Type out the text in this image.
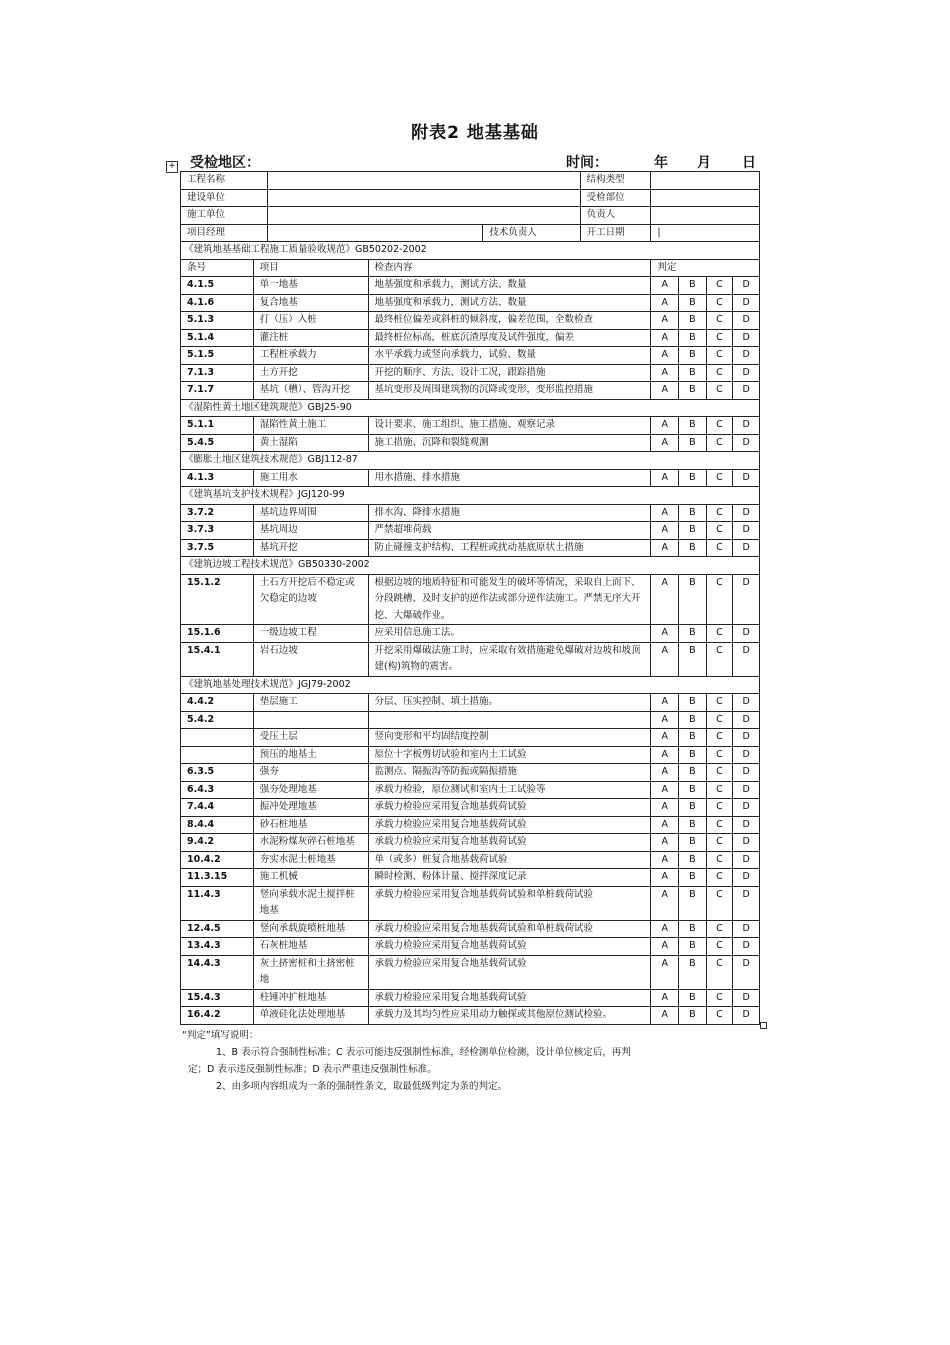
附表2 地基基础
+ 受检地区：	时间：	年 月 日
工程名称					结构类型				
建设单位					受检部位				
施工单位					负责人				
项目经理				技术负责人	开工日期	|			
《建筑地基基础工程施工质量验收规范》GB50202-2002									
条号	项目		检查内容			判定			
4.1.5	单一地基		地基强度和承载力，测试方法、数量			A	B	C	D
4.1.6	复合地基		地基强度和承载力，测试方法、数量			A	B	C	D
5.1.3	打（压）入桩		最终桩位偏差或斜桩的倾斜度，偏差范围，全数检查			A	B	C	D
5.1.4	灌注桩		最终桩位标高，桩底沉渣厚度及试件强度，偏差			A	B	C	D
5.1.5	工程桩承载力		水平承载力或竖向承载力，试验、数量			A	B	C	D
7.1.3	土方开挖		开挖的顺序、方法、设计工况，跟踪措施			A	B	C	D
7.1.7	基坑（槽）、管沟开挖		基坑变形及周围建筑物的沉降或变形，变形监控措施			A	B	C	D
《湿陷性黄土地区建筑规范》GBJ25-90									
5.1.1	湿陷性黄土施工		设计要求、施工组织、施工措施、观察记录			A	B	C	D
5.4.5	黄土湿陷		施工措施、沉降和裂缝观测			A	B	C	D
《膨胀土地区建筑技术规范》GBJ112-87									
4.1.3	施工用水		用水措施、排水措施			A	B	C	D
《建筑基坑支护技术规程》JGJ120-99									
3.7.2	基坑边界周围		排水沟、降排水措施			A	B	C	D
3.7.3	基坑周边		严禁超堆荷载			A	B	C	D
3.7.5	基坑开挖		防止碰撞支护结构、工程桩或扰动基底原状土措施			A	B	C	D
《建筑边坡工程技术规范》GB50330-2002									
15.1.2	土石方开挖后不稳定或欠稳定的边坡		根据边坡的地质特征和可能发生的破坏等情况，采取自上而下、分段跳槽、及时支护的逆作法或部分逆作法施工。严禁无序大开挖、大爆破作业。			A	B	C	D
15.1.6	一级边坡工程		应采用信息施工法。			A	B	C	D
15.4.1	岩石边坡		开挖采用爆破法施工时，应采取有效措施避免爆破对边坡和坡顶建(构)筑物的震害。			A	B	C	D
《建筑地基处理技术规范》JGJ79-2002									
4.4.2	垫层施工		分层、压实控制、填土措施。			A	B	C	D
5.4.2						A	B	C	D
	受压土层		竖向变形和平均固结度控制			A	B	C	D
	预压的地基土		原位十字板剪切试验和室内土工试验			A	B	C	D
6.3.5	强夯		监测点、隔振沟等防振或隔振措施			A	B	C	D
6.4.3	强夯处理地基		承载力检验，原位测试和室内土工试验等			A	B	C	D
7.4.4	振冲处理地基		承载力检验应采用复合地基载荷试验			A	B	C	D
8.4.4	砂石桩地基		承载力检验应采用复合地基载荷试验			A	B	C	D
9.4.2	水泥粉煤灰碎石桩地基		承载力检验应采用复合地基载荷试验			A	B	C	D
10.4.2	夯实水泥土桩地基		单（或多）桩复合地基载荷试验			A	B	C	D
11.3.15	施工机械		瞬时检测、粉体计量、搅拌深度记录			A	B	C	D
11.4.3	竖向承载水泥土搅拌桩地基		承载力检验应采用复合地基载荷试验和单桩载荷试验			A	B	C	D
12.4.5	竖向承载旋喷桩地基		承载力检验应采用复合地基载荷试验和单桩载荷试验			A	B	C	D
13.4.3	石灰桩地基		承载力检验应采用复合地基载荷试验			A	B	C	D
14.4.3	灰土挤密桩和土挤密桩地		承载力检验应采用复合地基载荷试验			A	B	C	D
15.4.3	柱锤冲扩桩地基		承载力检验应采用复合地基载荷试验			A	B	C	D
16.4.2	单液硅化法处理地基		承载力及其均匀性应采用动力触探或其他原位测试检验。			A	B	C	D
“判定”填写说明：
1、B 表示符合强制性标准；C 表示可能违反强制性标准，经检测单位检测，设计单位核定后，再判
定；D 表示违反强制性标准；D 表示严重违反强制性标准。
2、由多项内容组成为一条的强制性条文，取最低级判定为条的判定。
